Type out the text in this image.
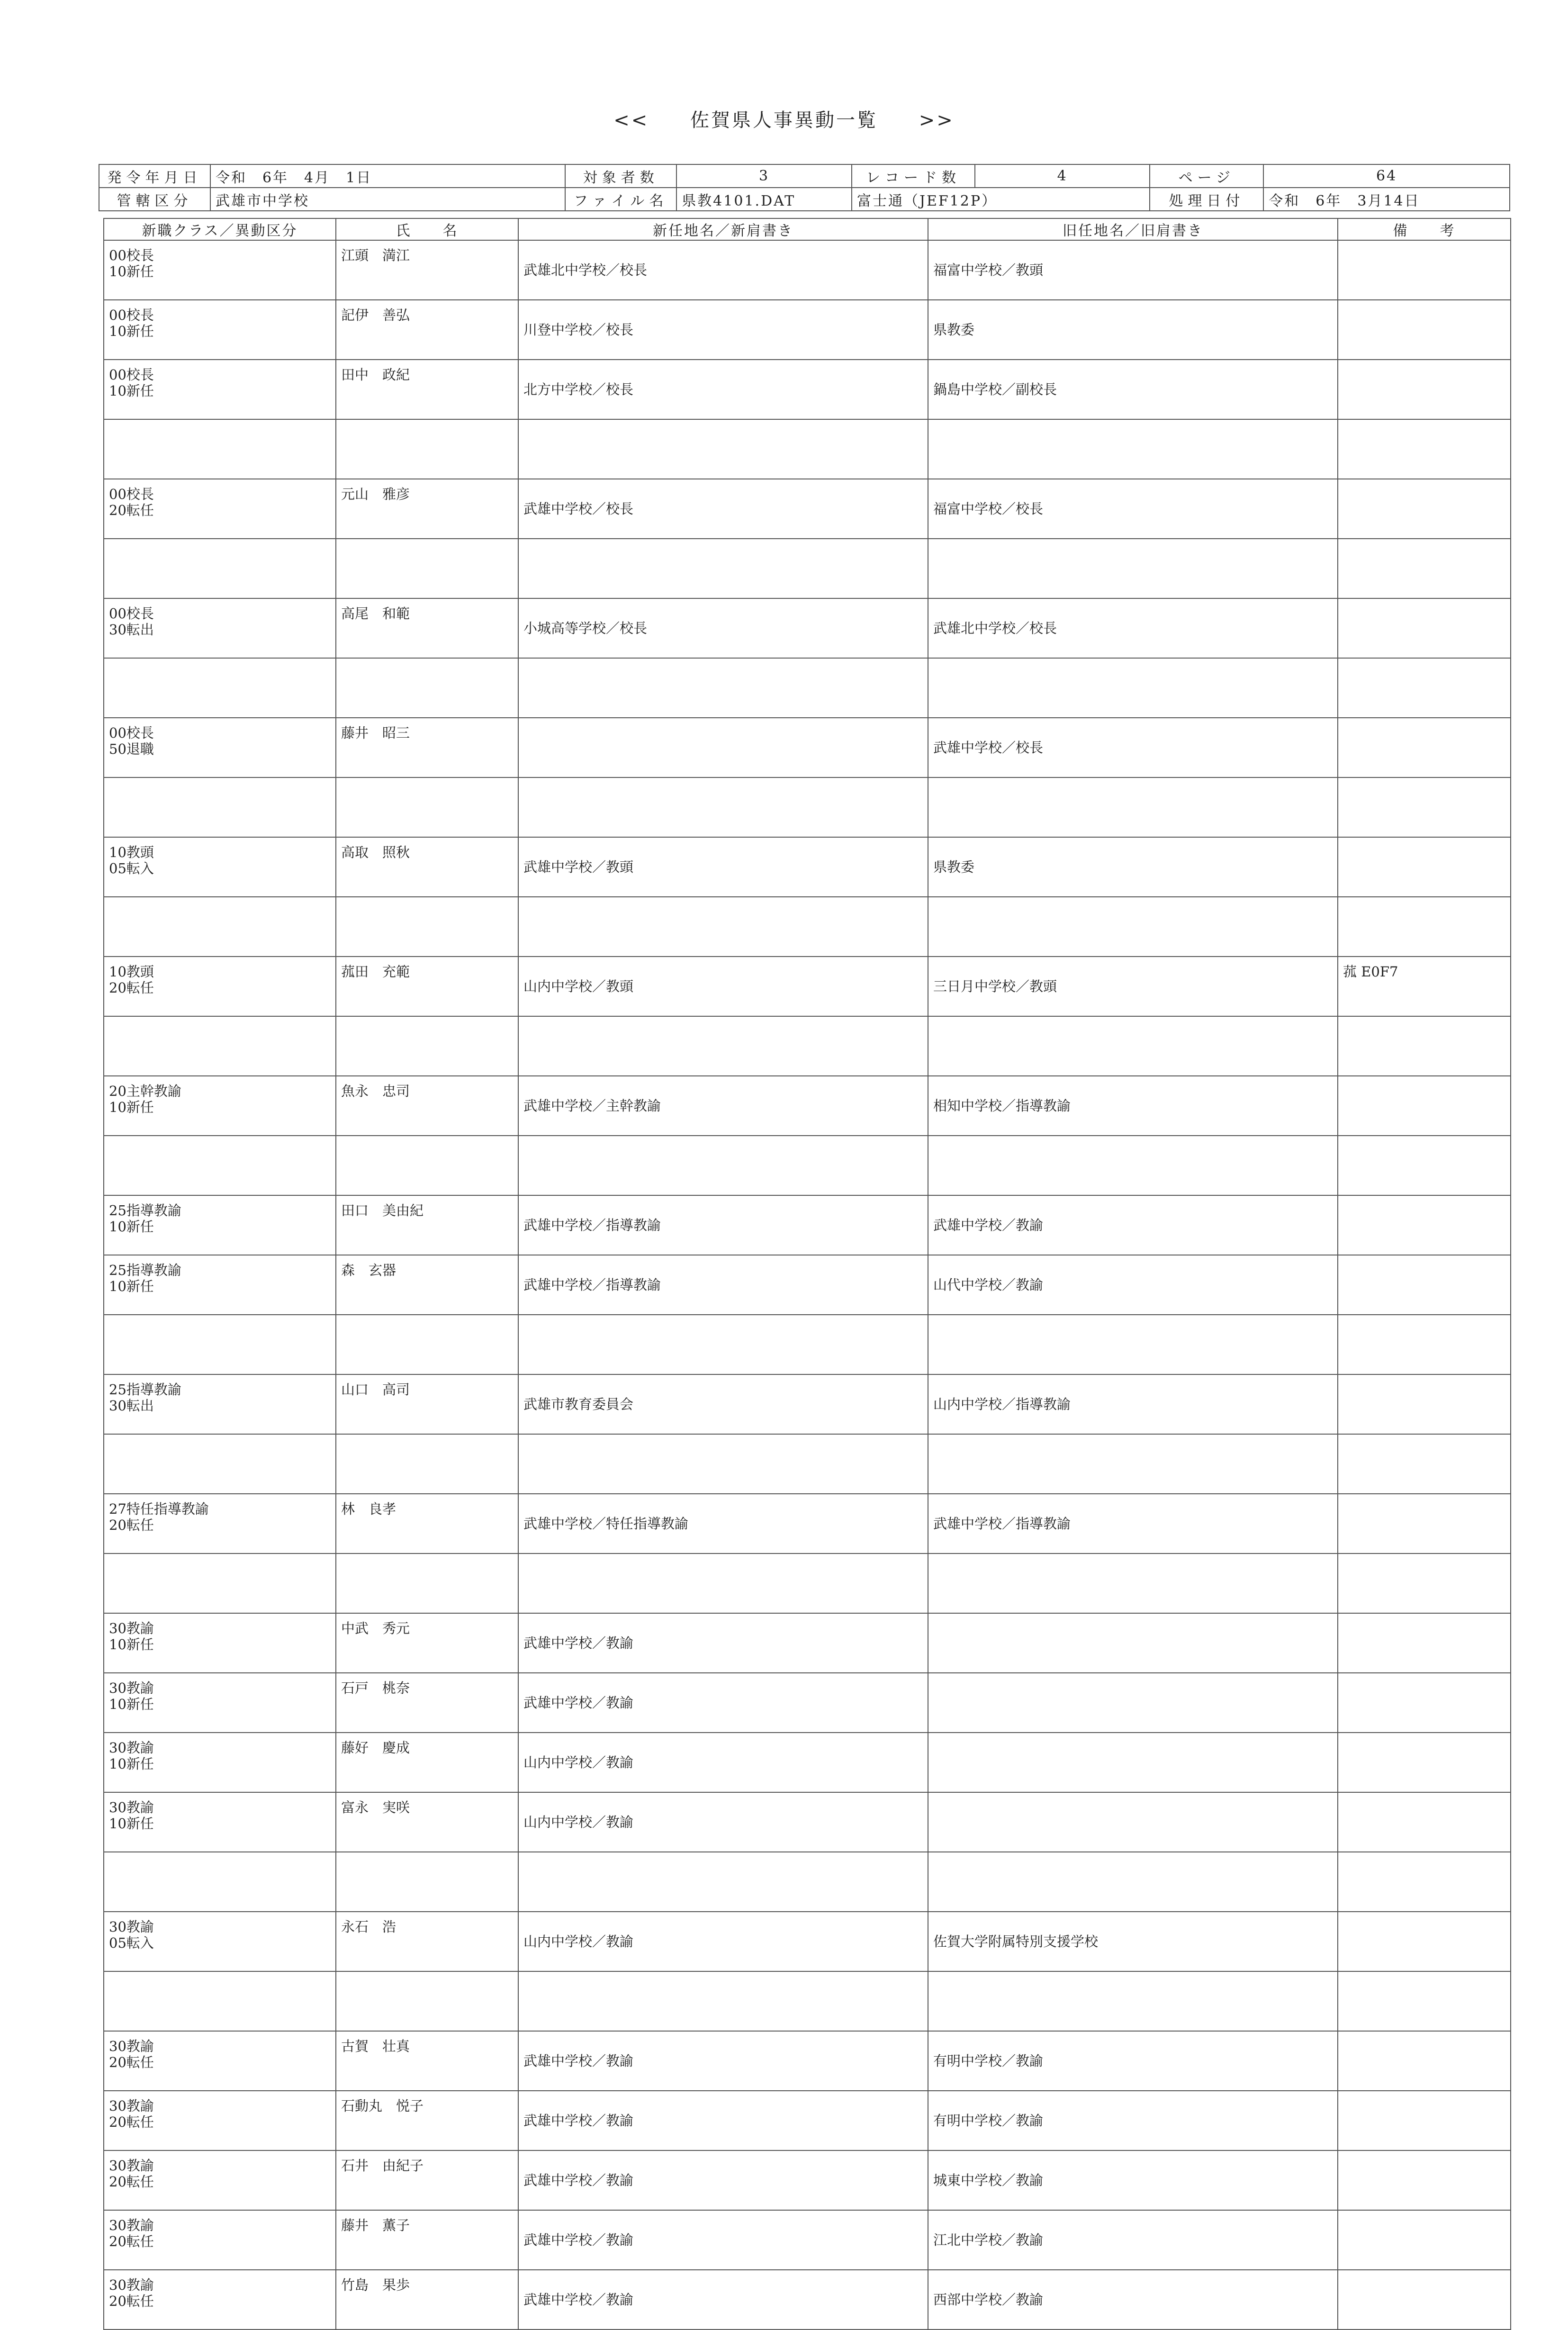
<< 佐賀県人事異動一覧 >>
発令年月日	令和　6年　4月　1日	対象者数	3	レコード数	4	ページ	64
管轄区分	武雄市中学校	ファイル名	県教4101.DAT	富士通（JEF12P）		処理日付	令和　6年　3月14日
新職クラス／異動区分	氏　　名	新任地名／新肩書き	旧任地名／旧肩書き	備　　考

00校長
10新任	江頭　満江	武雄北中学校／校長	福富中学校／教頭	

00校長
10新任	記伊　善弘	川登中学校／校長	県教委	

00校長
10新任	田中　政紀	北方中学校／校長	鍋島中学校／副校長	

00校長
20転任	元山　雅彦	武雄中学校／校長	福富中学校／校長	

00校長
30転出	高尾　和範	小城高等学校／校長	武雄北中学校／校長	

00校長
50退職	藤井　昭三		武雄中学校／校長	

10教頭
05転入	高取　照秋	武雄中学校／教頭	県教委	

10教頭
20転任	菰田　充範	山内中学校／教頭	三日月中学校／教頭	菰 E0F7

20主幹教諭
10新任	魚永　忠司	武雄中学校／主幹教諭	相知中学校／指導教諭	

25指導教諭
10新任	田口　美由紀	武雄中学校／指導教諭	武雄中学校／教諭	

25指導教諭
10新任	森　玄器	武雄中学校／指導教諭	山代中学校／教諭	

25指導教諭
30転出	山口　高司	武雄市教育委員会	山内中学校／指導教諭	

27特任指導教諭
20転任	林　良孝	武雄中学校／特任指導教諭	武雄中学校／指導教諭	

30教諭
10新任	中武　秀元	武雄中学校／教諭		

30教諭
10新任	石戸　桃奈	武雄中学校／教諭		

30教諭
10新任	藤好　慶成	山内中学校／教諭		

30教諭
10新任	富永　実咲	山内中学校／教諭		

30教諭
05転入	永石　浩	山内中学校／教諭	佐賀大学附属特別支援学校	

30教諭
20転任	古賀　壮真	武雄中学校／教諭	有明中学校／教諭	

30教諭
20転任	石動丸　悦子	武雄中学校／教諭	有明中学校／教諭	

30教諭
20転任	石井　由紀子	武雄中学校／教諭	城東中学校／教諭	

30教諭
20転任	藤井　薫子	武雄中学校／教諭	江北中学校／教諭	

30教諭
20転任	竹島　果歩	武雄中学校／教諭	西部中学校／教諭	
